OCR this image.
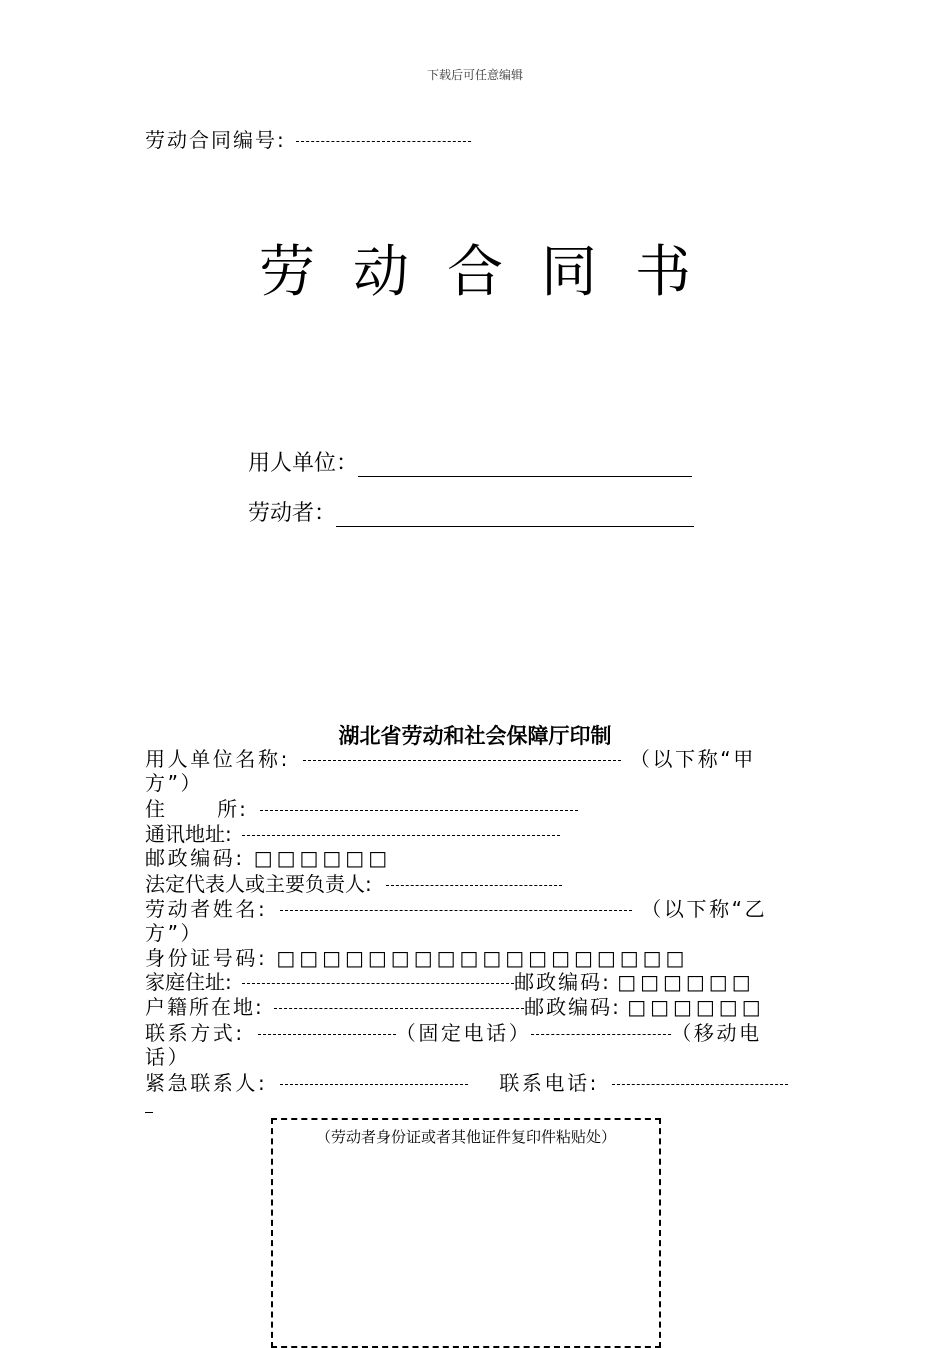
下载后可任意编辑
劳动合同编号:
劳动合同书
用人单位：
劳动者：
湖北省劳动和社会保障厅印制
用人单位名称:	（以下称“甲
方”）
住      所:
通讯地址:
邮政编码: □□□□□□
法定代表人或主要负责人:
劳动者姓名:	（以下称“乙
方”）
身份证号码: □□□□□□□□□□□□□□□□□□
家庭住址:	邮政编码: □□□□□□
户籍所在地:	邮政编码: □□□□□□
联系方式:	（固定电话）	（移动电
话）
紧急联系人:	联系电话:
（劳动者身份证或者其他证件复印件粘贴处）
